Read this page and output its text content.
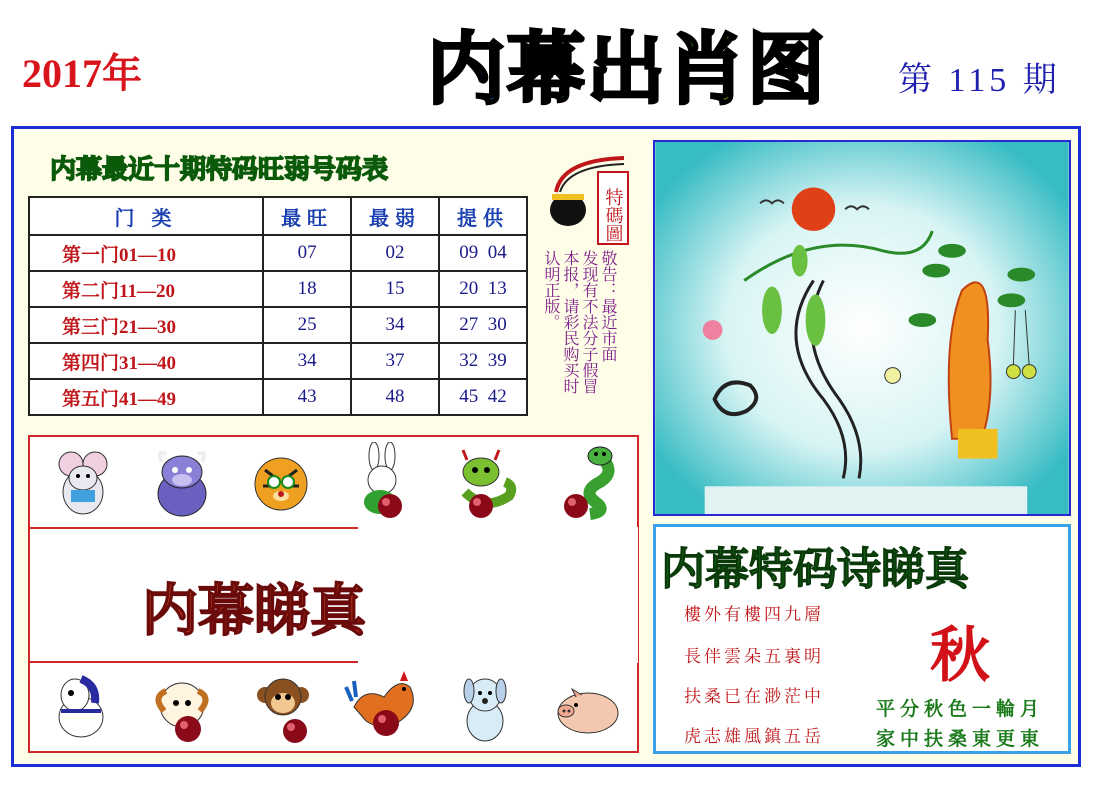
2017年	内幕出肖图 第 115 期
内幕最近十期特码旺弱号码表
门 类	最旺	最弱	提供
第一门01—10	07	02	09  04
第二门11—20	18	15	20  13
第三门21—30	25	34	27  30
第四门31—40	34	37	32  39
第五门41—49	43	48	45  42
特碼圖
敬告：最近市面
发现有不法分子假冒
本报，请彩民购买时
认明正版。
内幕睇真
内幕特码诗睇真
樓外有樓四九層
長伴雲朵五裏明
扶桑已在渺茫中
虎志雄風鎮五岳
秋
平分秋色一輪月
家中扶桑東更東
